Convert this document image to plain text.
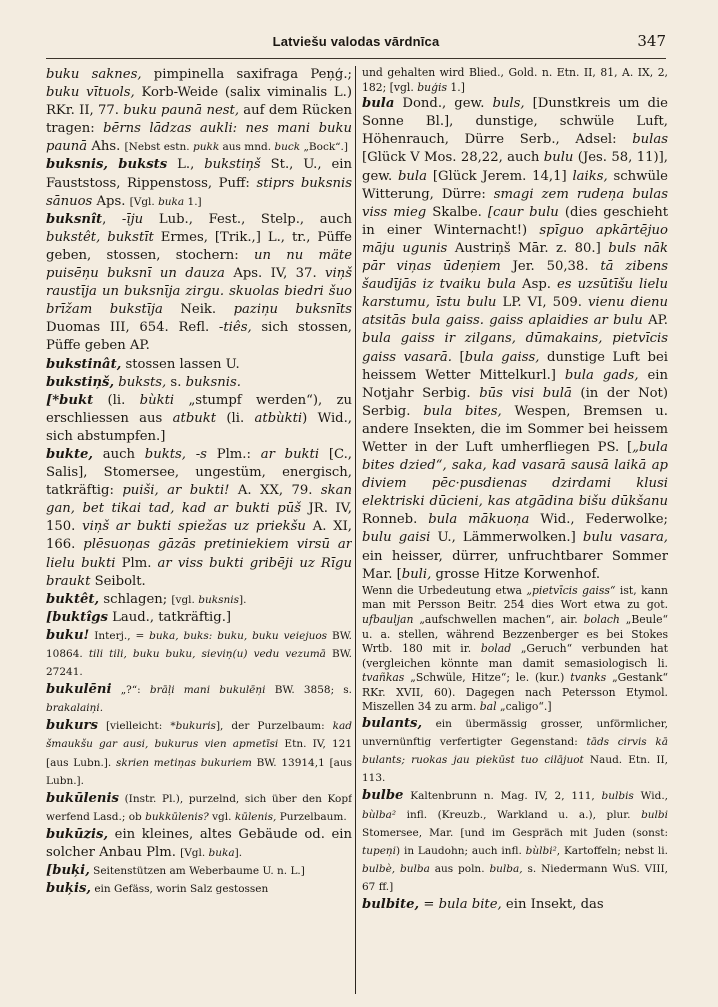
Latviešu valodas vārdnīca	347

buku saknes, pimpinella saxifraga Peņģ.; buku vītuols, Korb-Weide (salix viminalis L.) RKr. II, 77. buku paunā nest, auf dem Rücken tragen: bērns lādzas aukli: nes mani buku paunā Ahs. [Nebst estn. pukk aus mnd. buck „Bock“.]

buksnis, buksts L., bukstiņš St., U., ein Fauststoss, Rippenstoss, Puff: stiprs buksnis sānuos Aps. [Vgl. buka 1.]

buksnît, -īju Lub., Fest., Stelp., auch bukstêt, bukstīt Ermes, [Trik.,] L., tr., Püffe geben, stossen, stochern: un nu mäte puisēņu buksnī un dauza Aps. IV, 37. viņš raustīja un buksnīja zirgu. skuolas biedri šuo brīžam bukstīja Neik. paziņu buksnīts Duomas III, 654. Refl. -tiês, sich stossen, Püffe geben AP.

bukstinât, stossen lassen U.

bukstiņš, buksts, s. buksnis.

[*bukt (li. bùkti „stumpf werden“), zu erschliessen aus atbukt (li. atbùkti) Wid., sich abstumpfen.]

bukte, auch bukts, -s Plm.: ar bukti [C., Salis], Stomersee, ungestüm, energisch, tatkräftig: puiši, ar bukti! A. XX, 79. skan gan, bet tikai tad, kad ar bukti pūš JR. IV, 150. viņš ar bukti spiežas uz priekšu A. XI, 166. plēsuoņas gāzās pretiniekiem virsū ar lielu bukti Plm. ar viss bukti gribēji uz Rīgu braukt Seibolt.

buktêt, schlagen; [vgl. buksnis].

[buktîgs Laud., tatkräftig.]

buku! Interj., = buka, buks: buku, buku veiejuos BW. 10864. tili tili, buku buku, sieviņ(u) vedu vezumā BW. 27241.

bukulēni „?“: brāļi mani bukulēņi BW. 3858; s. brakalaiņi.

bukurs [vielleicht: *bukuris], der Purzelbaum: kad šmaukšu gar ausi, bukurus vien apmetīsi Etn. IV, 121 [aus Lubn.]. skrien metiņas bukuriem BW. 13914,1 [aus Lubn.].

bukūlenis (Instr. Pl.), purzelnd, sich über den Kopf werfend Lasd.; ob bukkūlenis? vgl. kūlenis, Purzelbaum.

bukūzis, ein kleines, altes Gebäude od. ein solcher Anbau Plm. [Vgl. buka].

[buķi, Seitenstützen am Weberbaume U. n. L.]

buķis, ein Gefäss, worin Salz gestossen

und gehalten wird Blied., Gold. n. Etn. II, 81, A. IX, 2, 182; [vgl. buģis 1.]

bula Dond., gew. buls, [Dunstkreis um die Sonne Bl.], dunstige, schwüle Luft, Höhenrauch, Dürre Serb., Adsel: bulas [Glück V Mos. 28,22, auch bulu (Jes. 58, 11)], gew. bula [Glück Jerem. 14,1] laiks, schwüle Witterung, Dürre: smagi zem rudeņa bulas viss mieg Skalbe. [caur bulu (dies geschieht in einer Winternacht!) spīguo apkārtējuo māju ugunis Austriņš Mār. z. 80.] buls nāk pār viņas ūdeņiem Jer. 50,38. tā zibens šaudījās iz tvaiku bula Asp. es uzsūtīšu lielu karstumu, īstu bulu LP. VI, 509. vienu dienu atsitās bula gaiss. gaiss aplaidies ar bulu AP. bula gaiss ir zilgans, dūmakains, pietvīcis gaiss vasarā. [bula gaiss, dunstige Luft bei heissem Wetter Mittelkurl.] bula gads, ein Notjahr Serbig. būs visi bulā (in der Not) Serbig. bula bites, Wespen, Bremsen u. andere Insekten, die im Sommer bei heissem Wetter in der Luft umherfliegen PS. [„bula bites dzied“, saka, kad vasarā sausā laikā ap diviem pēc·pusdienas dzirdami klusi elektriski dūcieni, kas atgādina bišu dūkšanu Ronneb. bula mākuoņa Wid., Federwolke; bulu gaisi U., Lämmerwolken.] bulu vasara, ein heisser, dürrer, unfruchtbarer Sommer Mar. [buli, grosse Hitze Korwenhof.

Wenn die Urbedeutung etwa „pietvīcis gaiss“ ist, kann man mit Persson Beitr. 254 dies Wort etwa zu got. ufbauljan „aufschwellen machen“, air. bolach „Beule“ u. a. stellen, während Bezzenberger es bei Stokes Wrtb. 180 mit ir. bolad „Geruch“ verbunden hat (vergleichen könnte man damit semasiologisch li. tvañkas „Schwüle, Hitze“; le. (kur.) tvanks „Gestank“ RKr. XVII, 60). Dagegen nach Petersson Etymol. Miszellen 34 zu arm. bal „caligo“.]

bulants, ein übermässig grosser, unförmlicher, unvernünftig verfertigter Gegenstand: tāds cirvis kā bulants; ruokas jau piekūst tuo cilājuot Naud. Etn. II, 113.

bulbe Kaltenbrunn n. Mag. IV, 2, 111, bulbis Wid., bùlba² infl. (Kreuzb., Warkland u. a.), plur. bulbi Stomersee, Mar. [und im Gespräch mit Juden (sonst: tupeņi) in Laudohn; auch infl. bùlbi², Kartoffeln; nebst li. bulbè, bulba aus poln. bulba, s. Niedermann WuS. VIII, 67 ff.]

bulbite, = bula bite, ein Insekt, das
